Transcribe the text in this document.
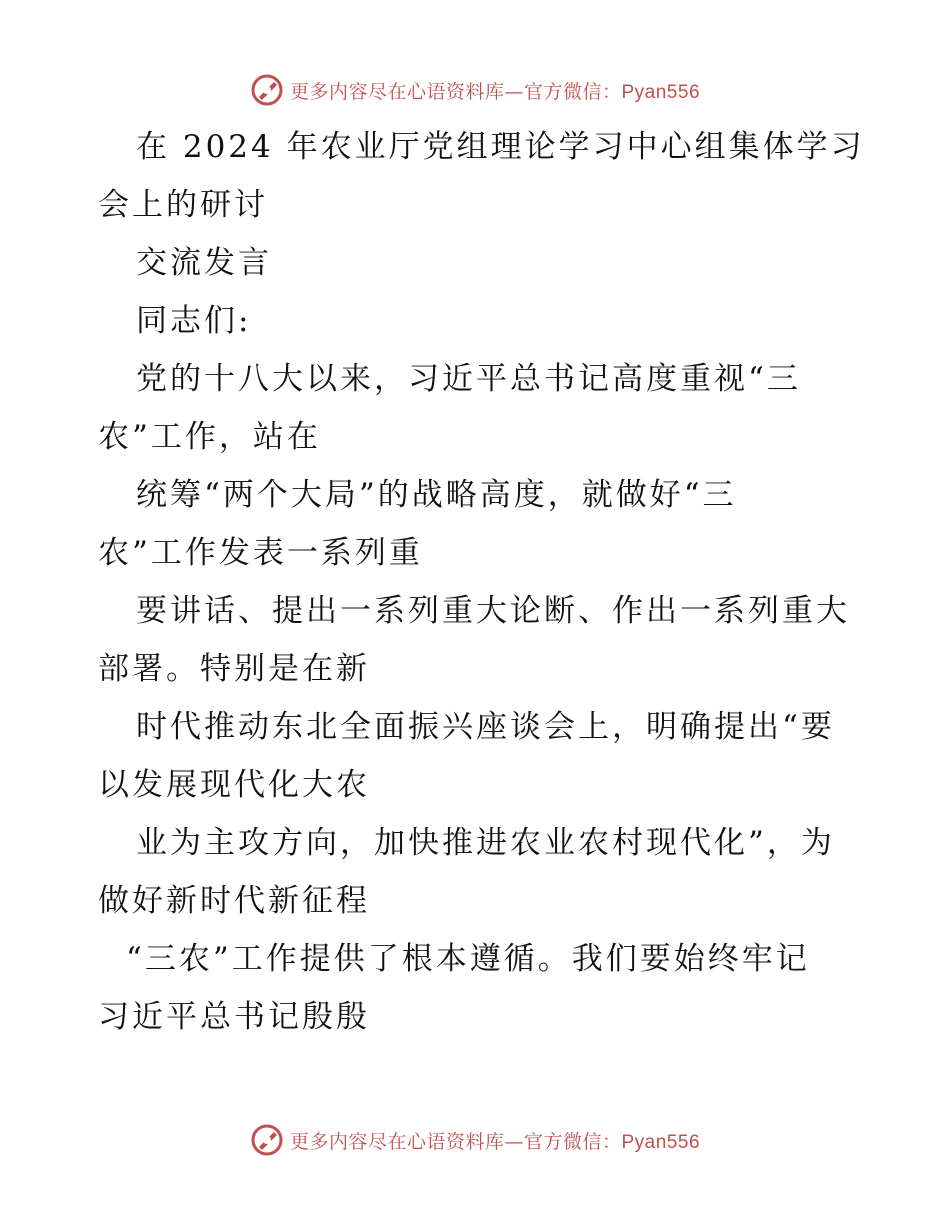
更多内容尽在心语资料库—官方微信：Pyan556

在 2024 年农业厅党组理论学习中心组集体学习

会上的研讨

交流发言

同志们:

党的十八大以来，习近平总书记高度重视“三

农”工作，站在

统筹“两个大局”的战略高度，就做好“三

农”工作发表一系列重

要讲话、提出一系列重大论断、作出一系列重大

部署。特别是在新

时代推动东北全面振兴座谈会上，明确提出“要

以发展现代化大农

业为主攻方向，加快推进农业农村现代化”，为

做好新时代新征程

“三农”工作提供了根本遵循。我们要始终牢记

习近平总书记殷殷

更多内容尽在心语资料库—官方微信：Pyan556
